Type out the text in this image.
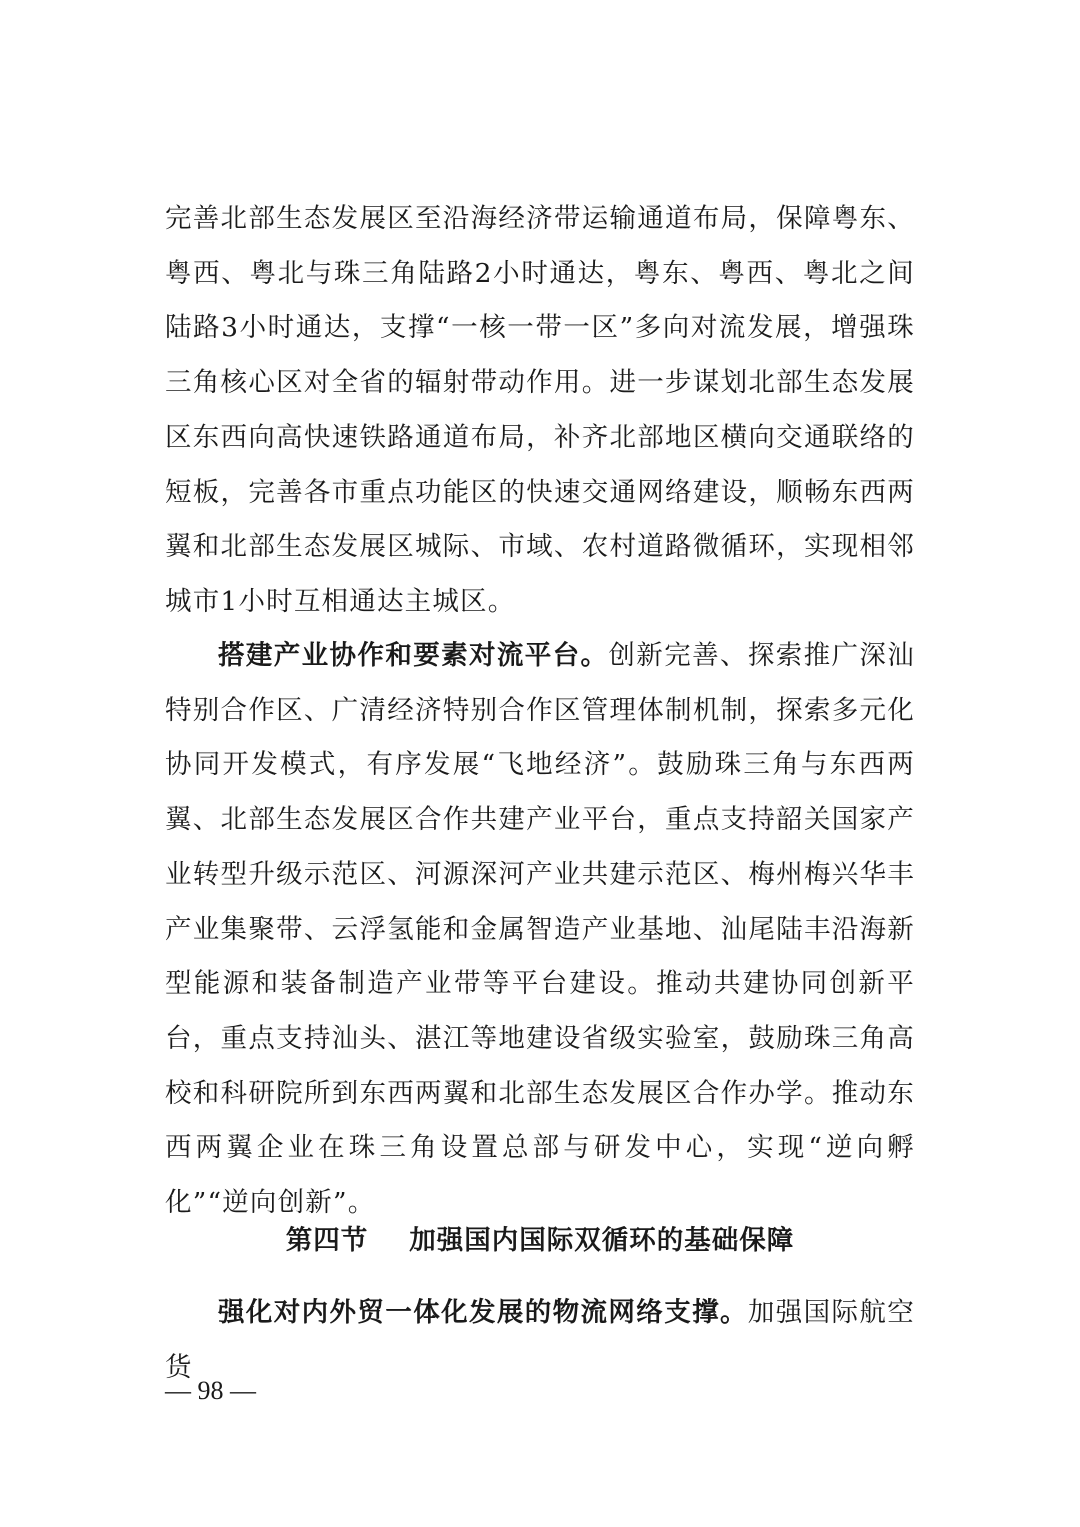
完善北部生态发展区至沿海经济带运输通道布局，保障粤东、粤西、粤北与珠三角陆路2小时通达，粤东、粤西、粤北之间陆路3小时通达，支撑“一核一带一区”多向对流发展，增强珠三角核心区对全省的辐射带动作用。进一步谋划北部生态发展区东西向高快速铁路通道布局，补齐北部地区横向交通联络的短板，完善各市重点功能区的快速交通网络建设，顺畅东西两翼和北部生态发展区城际、市域、农村道路微循环，实现相邻城市1小时互相通达主城区。
搭建产业协作和要素对流平台。创新完善、探索推广深汕特别合作区、广清经济特别合作区管理体制机制，探索多元化协同开发模式，有序发展“飞地经济”。鼓励珠三角与东西两翼、北部生态发展区合作共建产业平台，重点支持韶关国家产业转型升级示范区、河源深河产业共建示范区、梅州梅兴华丰产业集聚带、云浮氢能和金属智造产业基地、汕尾陆丰沿海新型能源和装备制造产业带等平台建设。推动共建协同创新平台，重点支持汕头、湛江等地建设省级实验室，鼓励珠三角高校和科研院所到东西两翼和北部生态发展区合作办学。推动东西两翼企业在珠三角设置总部与研发中心，实现“逆向孵化”“逆向创新”。
第四节 加强国内国际双循环的基础保障
强化对内外贸一体化发展的物流网络支撑。加强国际航空货
— 98 —
